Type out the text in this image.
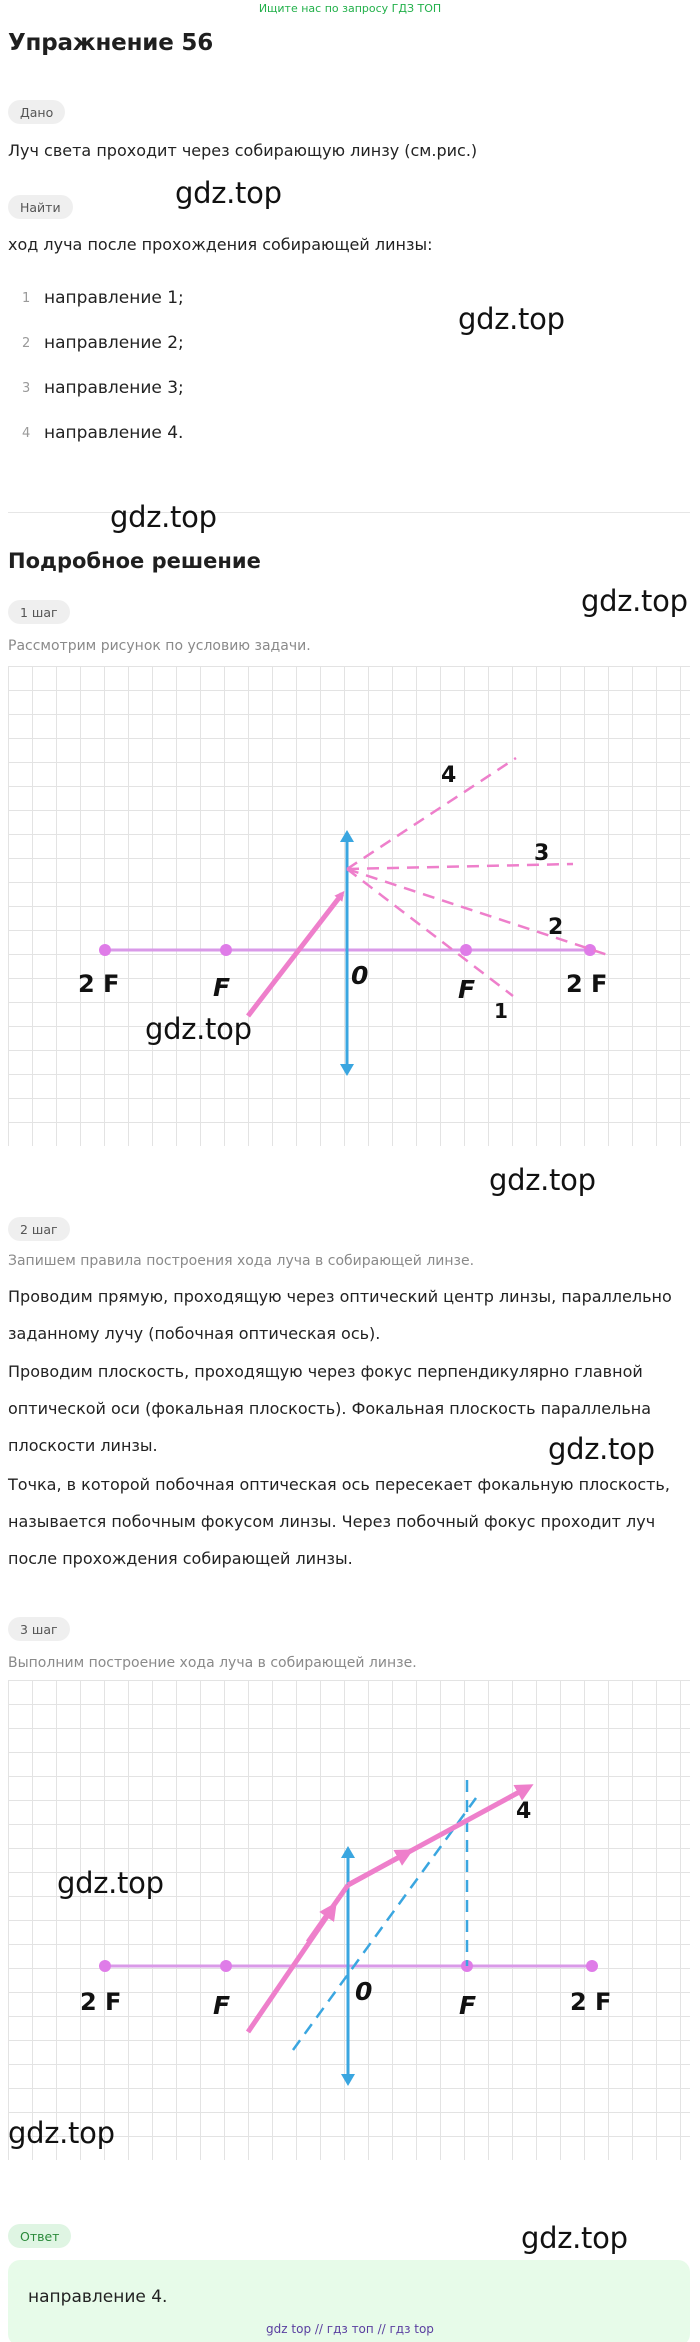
Ищите нас по запросу ГДЗ ТОП
Упражнение 56
Дано
Луч света проходит через собирающую линзу (см.рис.)
Найти
ход луча после прохождения собирающей линзы:
1 направление 1;
2 направление 2;
3 направление 3;
4 направление 4.
Подробное решение
1 шаг
Рассмотрим рисунок по условию задачи.
2 F	F	0	F	2 F
1
2
3
4
2 шаг
Запишем правила построения хода луча в собирающей линзе.
Проводим прямую, проходящую через оптический центр линзы, параллельно заданному лучу (побочная оптическая ось).
Проводим плоскость, проходящую через фокус перпендикулярно главной оптической оси (фокальная плоскость). Фокальная плоскость параллельна плоскости линзы.
Точка, в которой побочная оптическая ось пересекает фокальную плоскость, называется побочным фокусом линзы. Через побочный фокус проходит луч после прохождения собирающей линзы.
3 шаг
Выполним построение хода луча в собирающей линзе.
2 F	F	0	F	2 F
4
gdz.top
gdz.top
gdz.top
gdz.top
gdz.top
gdz.top
gdz.top
gdz.top
gdz.top
gdz.top
Ответ
направление 4.
gdz top // гдз топ // гдз top
